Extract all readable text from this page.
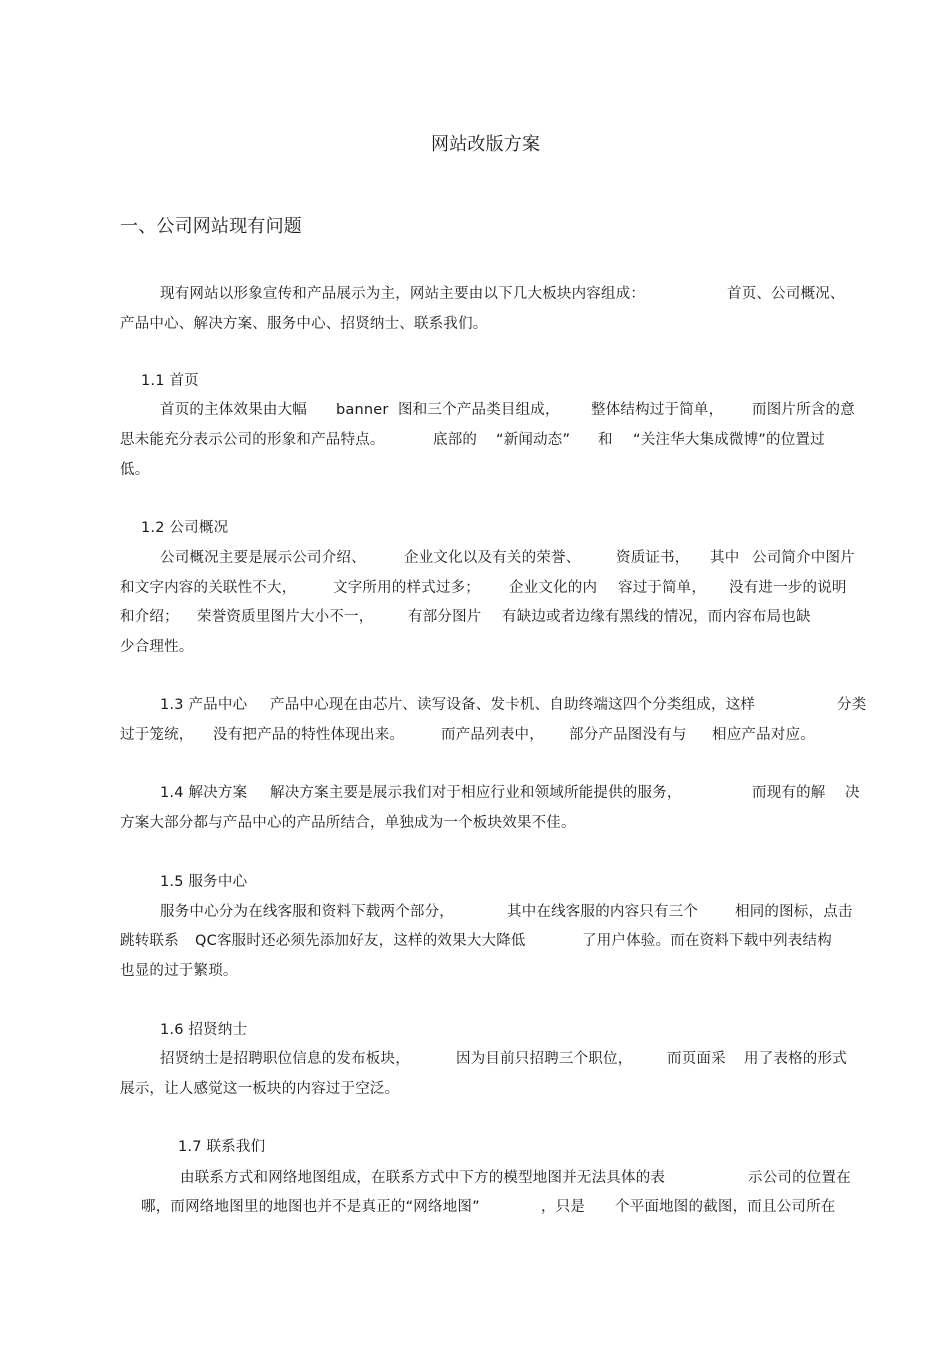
网站改版方案
一、公司网站现有问题
现有网站以形象宣传和产品展示为主，网站主要由以下几大板块内容组成：	首页、公司概况、
产品中心、解决方案、服务中心、招贤纳士、联系我们。
1.1 首页
首页的主体效果由大幅 banner 图和三个产品类目组成， 整体结构过于简单， 而图片所含的意
思未能充分表示公司的形象和产品特点。	底部的 “新闻动态” 和 “关注华大集成微博”的位置过
低。
1.2 公司概况
公司概况主要是展示公司介绍、	企业文化以及有关的荣誉、 资质证书， 其中 公司简介中图片
和文字内容的关联性不大，	文字所用的样式过多； 企业文化的内 容过于简单， 没有进一步的说明
和介绍； 荣誉资质里图片大小不一， 有部分图片 有缺边或者边缘有黑线的情况，而内容布局也缺
少合理性。
1.3 产品中心 产品中心现在由芯片、读写设备、发卡机、自助终端这四个分类组成，这样	分类
过于笼统， 没有把产品的特性体现出来。	而产品列表中， 部分产品图没有与 相应产品对应。
1.4 解决方案 解决方案主要是展示我们对于相应行业和领域所能提供的服务，	而现有的解 决
方案大部分都与产品中心的产品所结合，单独成为一个板块效果不佳。
1.5 服务中心
服务中心分为在线客服和资料下载两个部分，	其中在线客服的内容只有三个	相同的图标，点击
跳转联系 QC客服时还必须先添加好友，这样的效果大大降低	了用户体验。而在资料下载中列表结构
也显的过于繁琐。
1.6 招贤纳士
招贤纳士是招聘职位信息的发布板块，	因为目前只招聘三个职位， 而页面采 用了表格的形式
展示，让人感觉这一板块的内容过于空泛。
1.7 联系我们
由联系方式和网络地图组成，在联系方式中下方的模型地图并无法具体的表	示公司的位置在
哪，而网络地图里的地图也并不是真正的“网络地图”	，只是 个平面地图的截图，而且公司所在
